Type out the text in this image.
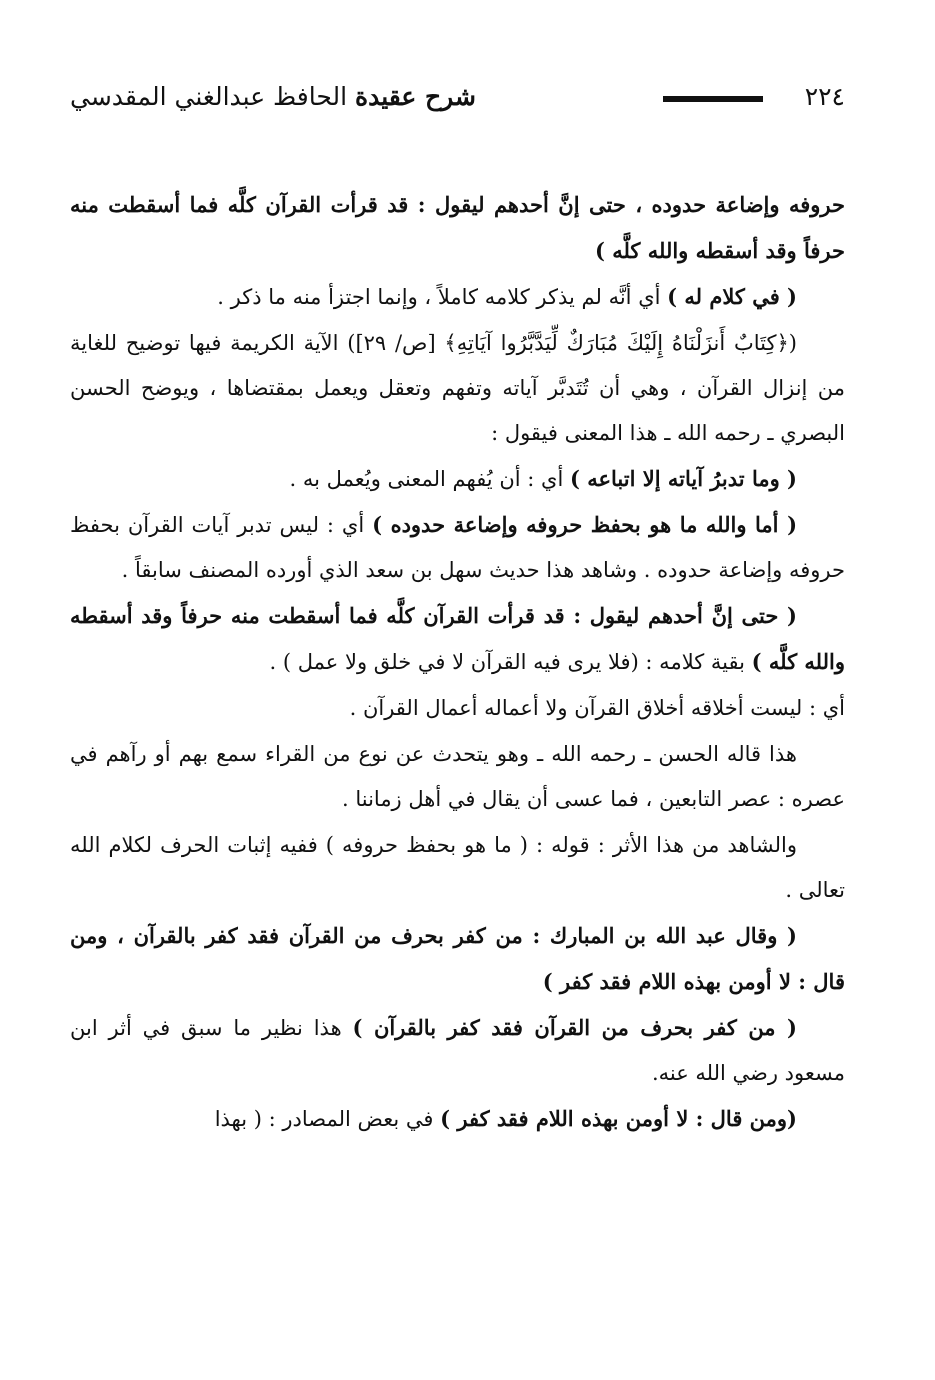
٢٢٤
شرح عقيدة الحافظ عبدالغني المقدسي

حروفه وإضاعة حدوده ، حتى إنَّ أحدهم ليقول : قد قرأت القرآن كلَّه فما أسقطت منه حرفاً وقد أسقطه والله كلَّه )

( في كلام له ) أي أنَّه لم يذكر كلامه كاملاً ، وإنما اجتزأ منه ما ذكر .

(﴿كِتَابٌ أَنزَلْنَاهُ إِلَيْكَ مُبَارَكٌ لِّيَدَّبَّرُوا آيَاتِهِ﴾ [ص/ ٢٩]) الآية الكريمة فيها توضيح للغاية من إنزال القرآن ، وهي أن تُتَدبَّر آياته وتفهم وتعقل ويعمل بمقتضاها ، ويوضح الحسن البصري ـ رحمه الله ـ هذا المعنى فيقول :

( وما تدبرُ آياته إلا اتباعه ) أي : أن يُفهم المعنى ويُعمل به .

( أما والله ما هو بحفظ حروفه وإضاعة حدوده ) أي : ليس تدبر آيات القرآن بحفظ حروفه وإضاعة حدوده . وشاهد هذا حديث سهل بن سعد الذي أورده المصنف سابقاً .

( حتى إنَّ أحدهم ليقول : قد قرأت القرآن كلَّه فما أسقطت منه حرفاً وقد أسقطه والله كلَّه ) بقية كلامه : (فلا يرى فيه القرآن لا في خلق ولا عمل ) .

أي : ليست أخلاقه أخلاق القرآن ولا أعماله أعمال القرآن .

هذا قاله الحسن ـ رحمه الله ـ وهو يتحدث عن نوع من القراء سمع بهم أو رآهم في عصره : عصر التابعين ، فما عسى أن يقال في أهل زماننا .

والشاهد من هذا الأثر : قوله : ( ما هو بحفظ حروفه ) ففيه إثبات الحرف لكلام الله تعالى .

( وقال عبد الله بن المبارك : من كفر بحرف من القرآن فقد كفر بالقرآن ، ومن قال : لا أومن بهذه اللام فقد كفر )

( من كفر بحرف من القرآن فقد كفر بالقرآن ) هذا نظير ما سبق في أثر ابن مسعود رضي الله عنه.

(ومن قال : لا أومن بهذه اللام فقد كفر ) في بعض المصادر : ( بهذا
